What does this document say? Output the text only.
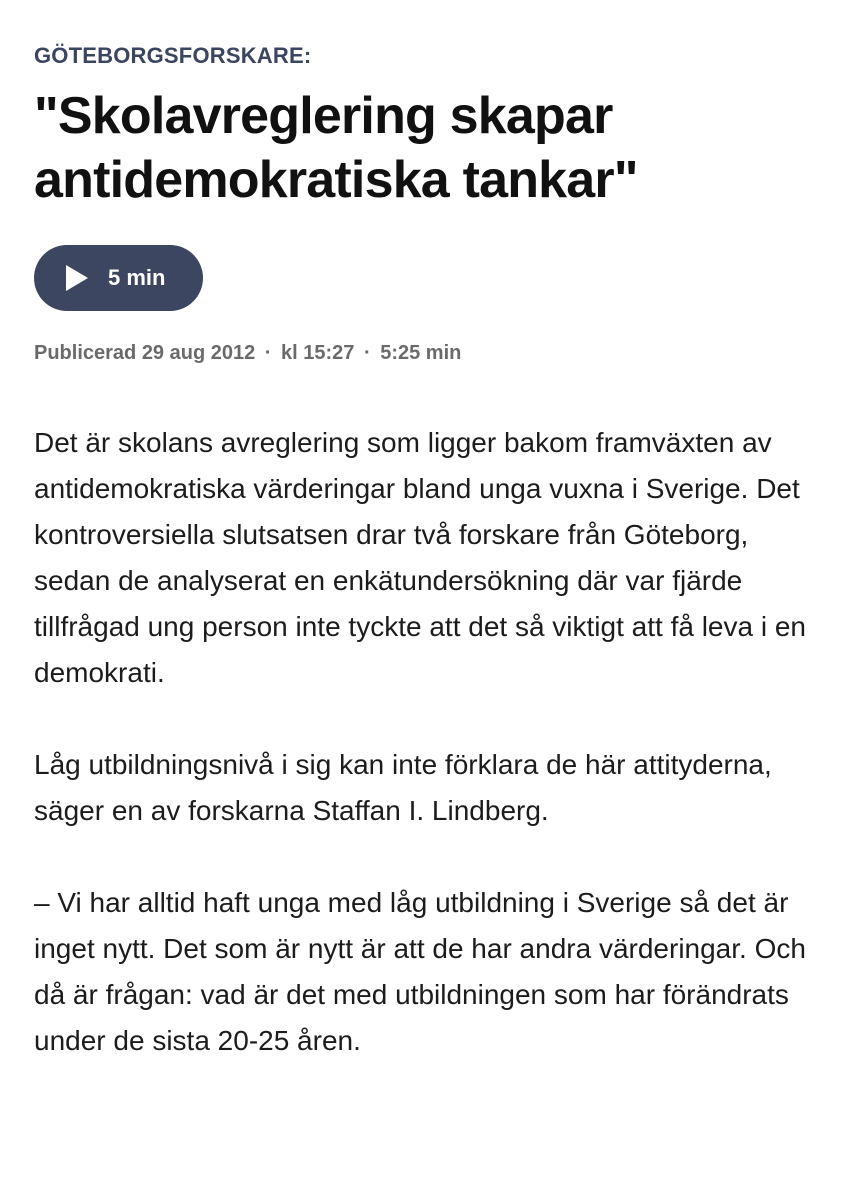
GÖTEBORGSFORSKARE:
"Skolavreglering skapar antidemokratiska tankar"
5 min
Publicerad 29 aug 2012 · kl 15:27 · 5:25 min

Det är skolans avreglering som ligger bakom framväxten av antidemokratiska värderingar bland unga vuxna i Sverige. Det kontroversiella slutsatsen drar två forskare från Göteborg, sedan de analyserat en enkätundersökning där var fjärde tillfrågad ung person inte tyckte att det så viktigt att få leva i en demokrati.

Låg utbildningsnivå i sig kan inte förklara de här attityderna, säger en av forskarna Staffan I. Lindberg.

– Vi har alltid haft unga med låg utbildning i Sverige så det är inget nytt. Det som är nytt är att de har andra värderingar. Och då är frågan: vad är det med utbildningen som har förändrats under de sista 20-25 åren.
